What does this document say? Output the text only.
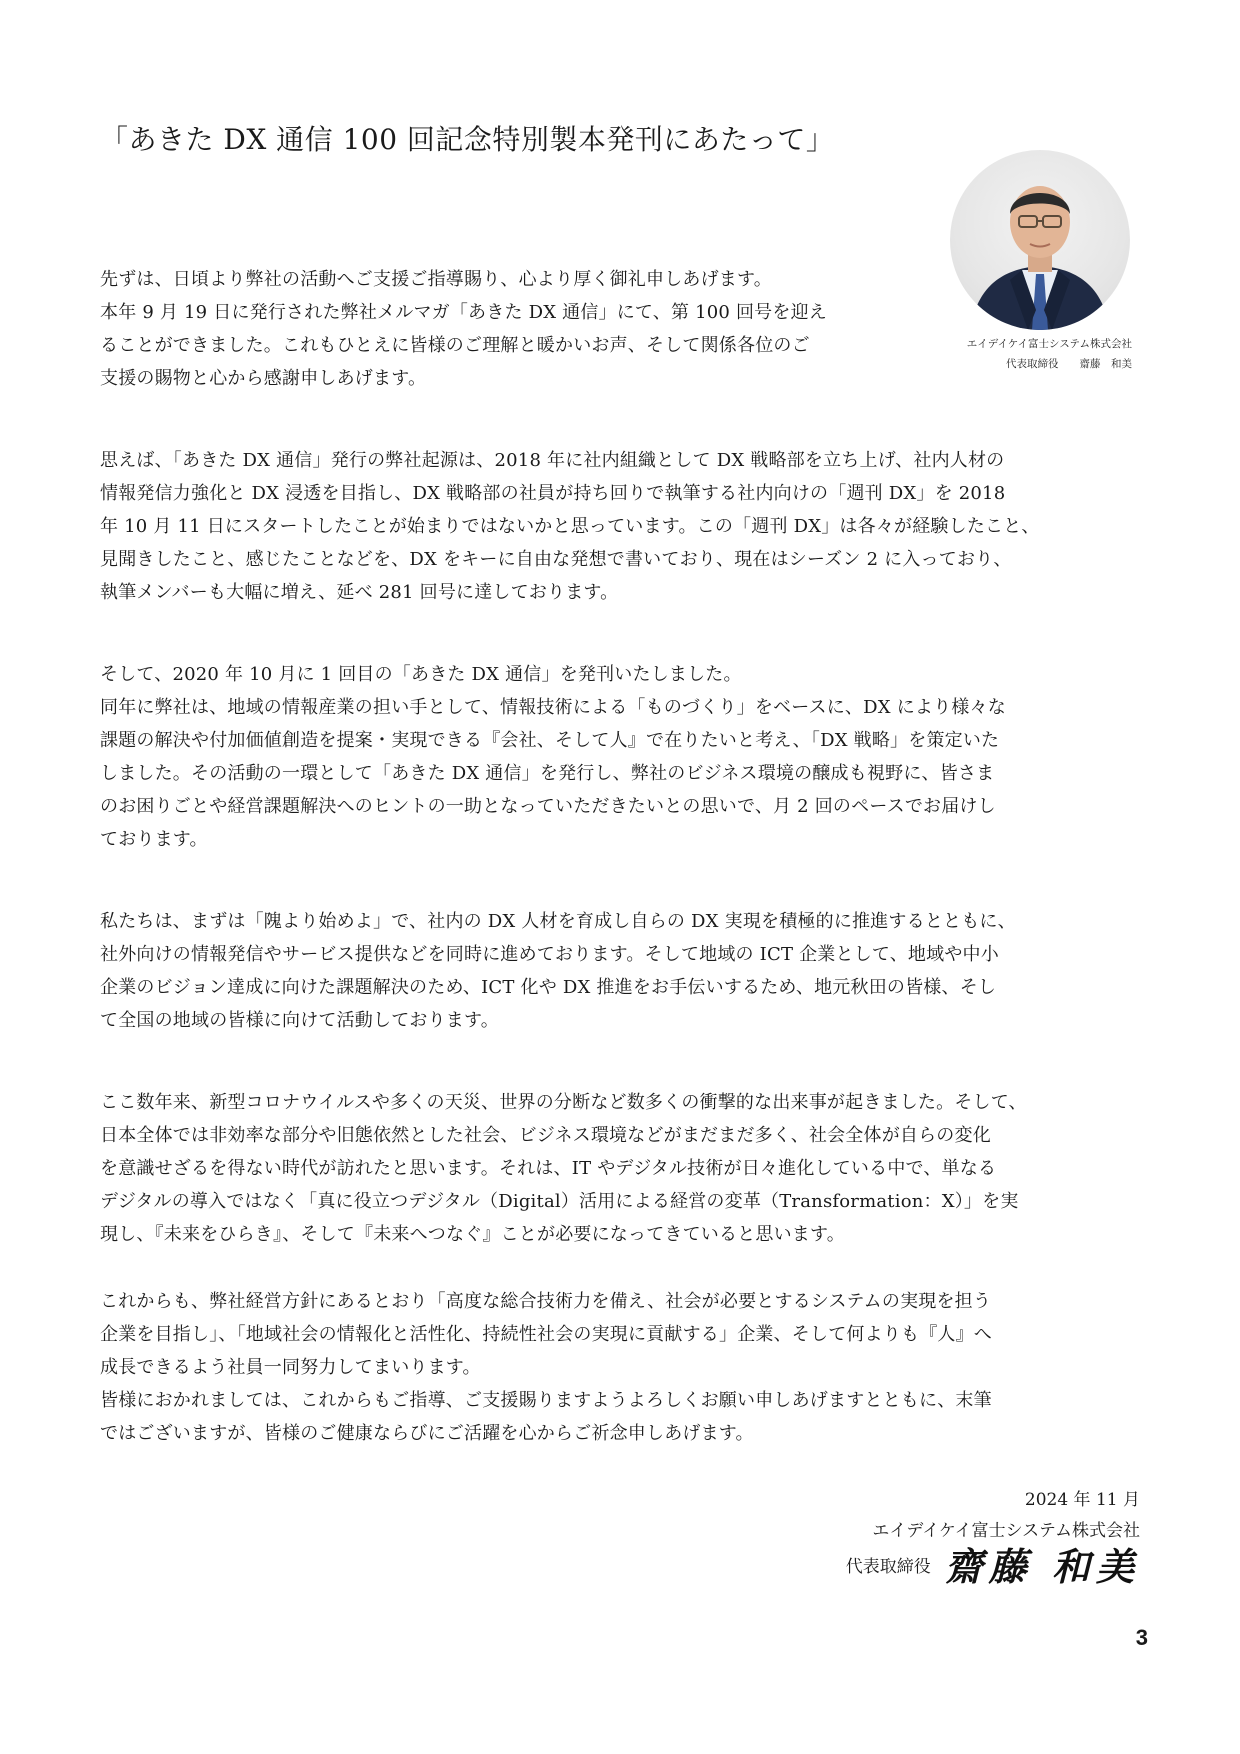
「あきた DX 通信 100 回記念特別製本発刊にあたって」
エイデイケイ富士システム株式会社
代表取締役　　齋藤　和美
先ずは、日頃より弊社の活動へご支援ご指導賜り、心より厚く御礼申しあげます。
本年 9 月 19 日に発行された弊社メルマガ「あきた DX 通信」にて、第 100 回号を迎え
ることができました。これもひとえに皆様のご理解と暖かいお声、そして関係各位のご
支援の賜物と心から感謝申しあげます。
思えば、「あきた DX 通信」発行の弊社起源は、2018 年に社内組織として DX 戦略部を立ち上げ、社内人材の
情報発信力強化と DX 浸透を目指し、DX 戦略部の社員が持ち回りで執筆する社内向けの「週刊 DX」を 2018
年 10 月 11 日にスタートしたことが始まりではないかと思っています。この「週刊 DX」は各々が経験したこと、
見聞きしたこと、感じたことなどを、DX をキーに自由な発想で書いており、現在はシーズン 2 に入っており、
執筆メンバーも大幅に増え、延べ 281 回号に達しております。
そして、2020 年 10 月に 1 回目の「あきた DX 通信」を発刊いたしました。
同年に弊社は、地域の情報産業の担い手として、情報技術による「ものづくり」をベースに、DX により様々な
課題の解決や付加価値創造を提案・実現できる『会社、そして人』で在りたいと考え、「DX 戦略」を策定いた
しました。その活動の一環として「あきた DX 通信」を発行し、弊社のビジネス環境の醸成も視野に、皆さま
のお困りごとや経営課題解決へのヒントの一助となっていただきたいとの思いで、月 2 回のペースでお届けし
ております。
私たちは、まずは「隗より始めよ」で、社内の DX 人材を育成し自らの DX 実現を積極的に推進するとともに、
社外向けの情報発信やサービス提供などを同時に進めております。そして地域の ICT 企業として、地域や中小
企業のビジョン達成に向けた課題解決のため、ICT 化や DX 推進をお手伝いするため、地元秋田の皆様、そし
て全国の地域の皆様に向けて活動しております。
ここ数年来、新型コロナウイルスや多くの天災、世界の分断など数多くの衝撃的な出来事が起きました。そして、
日本全体では非効率な部分や旧態依然とした社会、ビジネス環境などがまだまだ多く、社会全体が自らの変化
を意識せざるを得ない時代が訪れたと思います。それは、IT やデジタル技術が日々進化している中で、単なる
デジタルの導入ではなく「真に役立つデジタル（Digital）活用による経営の変革（Transformation：X）」を実
現し、『未来をひらき』、そして『未来へつなぐ』ことが必要になってきていると思います。
これからも、弊社経営方針にあるとおり「高度な総合技術力を備え、社会が必要とするシステムの実現を担う
企業を目指し」、「地域社会の情報化と活性化、持続性社会の実現に貢献する」企業、そして何よりも『人』へ
成長できるよう社員一同努力してまいります。
皆様におかれましては、これからもご指導、ご支援賜りますようよろしくお願い申しあげますとともに、末筆
ではございますが、皆様のご健康ならびにご活躍を心からご祈念申しあげます。
2024 年 11 月
エイデイケイ富士システム株式会社
代表取締役 齋藤 和美
3
